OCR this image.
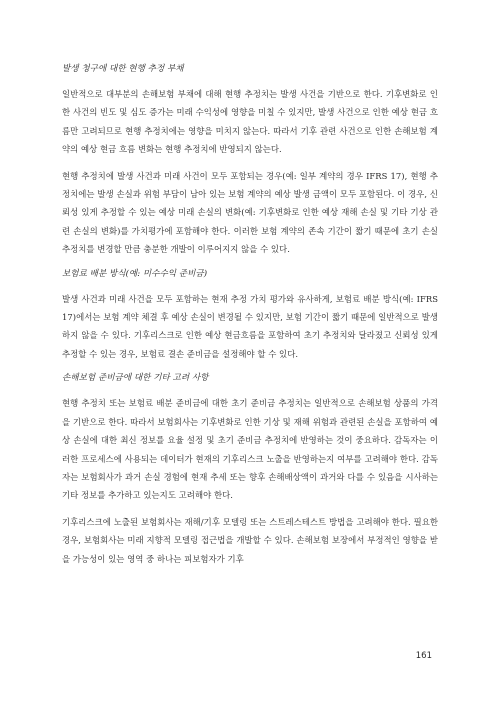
발생 청구에 대한 현행 추정 부채

일반적으로 대부분의 손해보험 부채에 대해 현행 추정치는 발생 사건을 기반으로 한다. 기후변화로 인한 사건의 빈도 및 심도 증가는 미래 수익성에 영향을 미칠 수 있지만, 발생 사건으로 인한 예상 현금 흐름만 고려되므로 현행 추정치에는 영향을 미치지 않는다. 따라서 기후 관련 사건으로 인한 손해보험 계약의 예상 현금 흐름 변화는 현행 추정치에 반영되지 않는다.

현행 추정치에 발생 사건과 미래 사건이 모두 포함되는 경우(예: 일부 계약의 경우 IFRS 17), 현행 추정치에는 발생 손실과 위험 부담이 남아 있는 보험 계약의 예상 발생 금액이 모두 포함된다. 이 경우, 신뢰성 있게 추정할 수 있는 예상 미래 손실의 변화(예: 기후변화로 인한 예상 재해 손실 및 기타 기상 관련 손실의 변화)를 가치평가에 포함해야 한다. 이러한 보험 계약의 존속 기간이 짧기 때문에 초기 손실 추정치를 변경할 만큼 충분한 개발이 이루어지지 않을 수 있다.

보험료 배분 방식(예: 미수수익 준비금)

발생 사건과 미래 사건을 모두 포함하는 현재 추정 가치 평가와 유사하게, 보험료 배분 방식(예: IFRS 17)에서는 보험 계약 체결 후 예상 손실이 변경될 수 있지만, 보험 기간이 짧기 때문에 일반적으로 발생하지 않을 수 있다. 기후리스크로 인한 예상 현금흐름을 포함하여 초기 추정치와 달라졌고 신뢰성 있게 추정할 수 있는 경우, 보험료 결손 준비금을 설정해야 할 수 있다.

손해보험 준비금에 대한 기타 고려 사항

현행 추정치 또는 보험료 배분 준비금에 대한 초기 준비금 추정치는 일반적으로 손해보험 상품의 가격을 기반으로 한다. 따라서 보험회사는 기후변화로 인한 기상 및 재해 위험과 관련된 손실을 포함하여 예상 손실에 대한 최신 정보를 요율 설정 및 초기 준비금 추정치에 반영하는 것이 중요하다. 감독자는 이러한 프로세스에 사용되는 데이터가 현재의 기후리스크 노출을 반영하는지 여부를 고려해야 한다. 감독자는 보험회사가 과거 손실 경험에 현재 추세 또는 향후 손해배상액이 과거와 다를 수 있음을 시사하는 기타 정보를 추가하고 있는지도 고려해야 한다.

기후리스크에 노출된 보험회사는 재해/기후 모델링 또는 스트레스테스트 방법을 고려해야 한다. 필요한 경우, 보험회사는 미래 지향적 모델링 접근법을 개발할 수 있다. 손해보험 보장에서 부정적인 영향을 받을 가능성이 있는 영역 중 하나는 피보험자가 기후

161
